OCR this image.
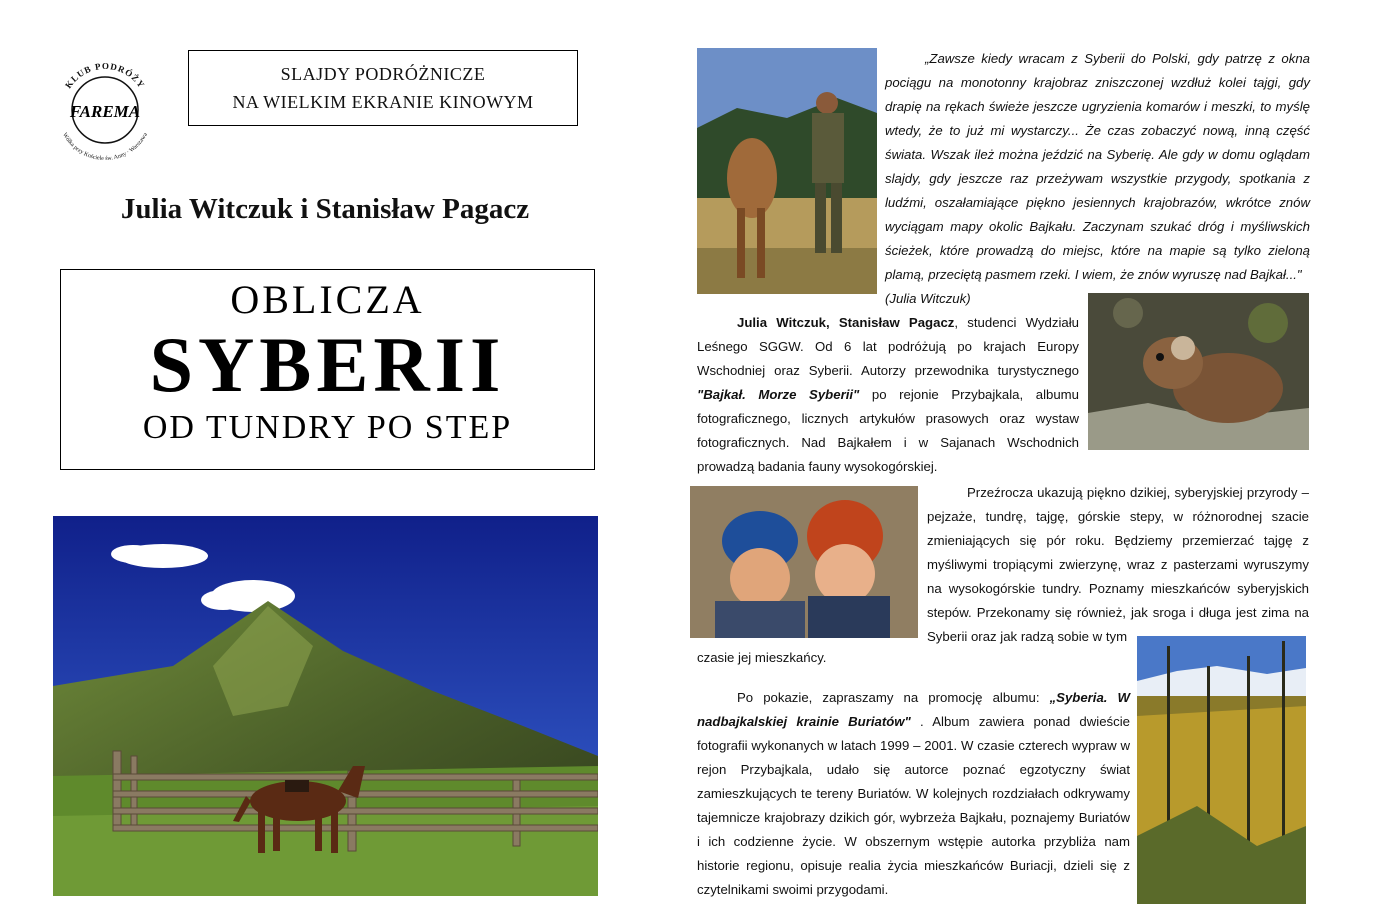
KLUB PODRÓŻY
Wólka przy Kościele św. Anny · Warszawa
FAREMA
SLAJDY PODRÓŻNICZE
NA WIELKIM EKRANIE KINOWYM
Julia Witczuk i Stanisław Pagacz
OBLICZA
SYBERII
OD TUNDRY PO STEP

„Zawsze kiedy wracam z Syberii do Polski, gdy patrzę z okna pociągu na monotonny krajobraz zniszczonej wzdłuż kolei tajgi, gdy drapię na rękach świeże jeszcze ugryzienia komarów i meszki, to myślę wtedy, że to już mi wystarczy... Że czas zobaczyć nową, inną część świata. Wszak ileż można jeździć na Syberię. Ale gdy w domu oglądam slajdy, gdy jeszcze raz przeżywam wszystkie przygody, spotkania z ludźmi, oszałamiające piękno jesiennych krajobrazów, wkrótce znów wyciągam mapy okolic Bajkału. Zaczynam szukać dróg i myśliwskich ścieżek, które prowadzą do miejsc, które na mapie są tylko zieloną plamą, przeciętą pasmem rzeki. I wiem, że znów wyruszę nad Bajkał..."

(Julia Witczuk)

Julia Witczuk, Stanisław Pagacz, studenci Wydziału Leśnego SGGW. Od 6 lat podróżują po krajach Europy Wschodniej oraz Syberii. Autorzy przewodnika turystycznego "Bajkał. Morze Syberii" po rejonie Przybajkala, albumu fotograficznego, licznych artykułów prasowych oraz wystaw fotograficznych. Nad Bajkałem i w Sajanach Wschodnich prowadzą badania fauny wysokogórskiej.

Przeźrocza ukazują piękno dzikiej, syberyjskiej przyrody – pejzaże, tundrę, tajgę, górskie stepy, w różnorodnej szacie zmieniających się pór roku. Będziemy przemierzać tajgę z myśliwymi tropiącymi zwierzynę, wraz z pasterzami wyruszymy na wysokogórskie tundry. Poznamy mieszkańców syberyjskich stepów. Przekonamy się również, jak sroga i długa jest zima na Syberii oraz jak radzą sobie w tym

czasie jej mieszkańcy.

Po pokazie, zapraszamy na promocję albumu: „Syberia. W nadbajkalskiej krainie Buriatów" . Album zawiera ponad dwieście fotografii wykonanych w latach 1999 – 2001. W czasie czterech wypraw w rejon Przybajkala, udało się autorce poznać egzotyczny świat zamieszkujących te tereny Buriatów. W kolejnych rozdziałach odkrywamy tajemnicze krajobrazy dzikich gór, wybrzeża Bajkału, poznajemy Buriatów i ich codzienne życie. W obszernym wstępie autorka przybliża nam historie regionu, opisuje realia życia mieszkańców Buriacji, dzieli się z czytelnikami swoimi przygodami.
